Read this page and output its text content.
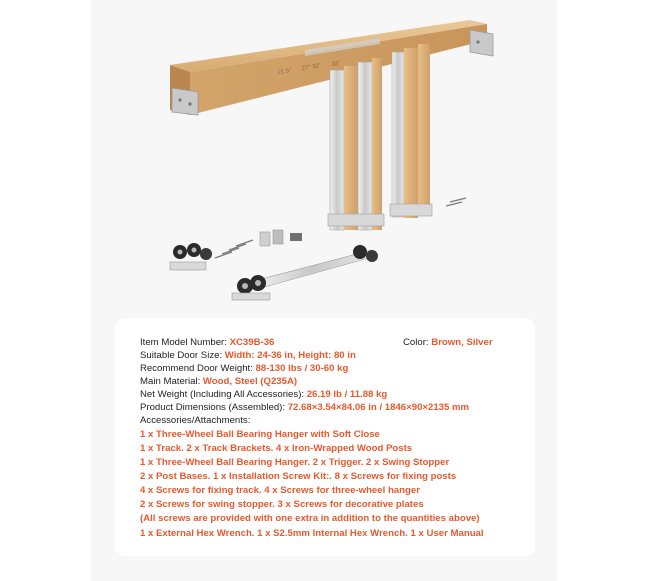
21.5" 27" 32" 33"
Item Model Number: XC39B-36	Color: Brown, Silver
Suitable Door Size: Width: 24-36 in, Height: 80 in
Recommend Door Weight: 88-130 lbs / 30-60 kg
Main Material: Wood, Steel (Q235A)
Net Weight (Including All Accessories): 26.19 lb / 11.88 kg
Product Dimensions (Assembled): 72.68×3.54×84.06 in / 1846×90×2135 mm
Accessories/Attachments:
1 x Three-Wheel Ball Bearing Hanger with Soft Close
1 x Track. 2 x Track Brackets. 4 x Iron-Wrapped Wood Posts
1 x Three-Wheel Ball Bearing Hanger. 2 x Trigger. 2 x Swing Stopper
2 x Post Bases. 1 x Installation Screw Kit:. 8 x Screws for fixing posts
4 x Screws for fixing track. 4 x Screws for three-wheel hanger
2 x Screws for swing stopper. 3 x Screws for decorative plates
(All screws are provided with one extra in addition to the quantities above)
1 x External Hex Wrench. 1 x S2.5mm Internal Hex Wrench. 1 x User Manual
